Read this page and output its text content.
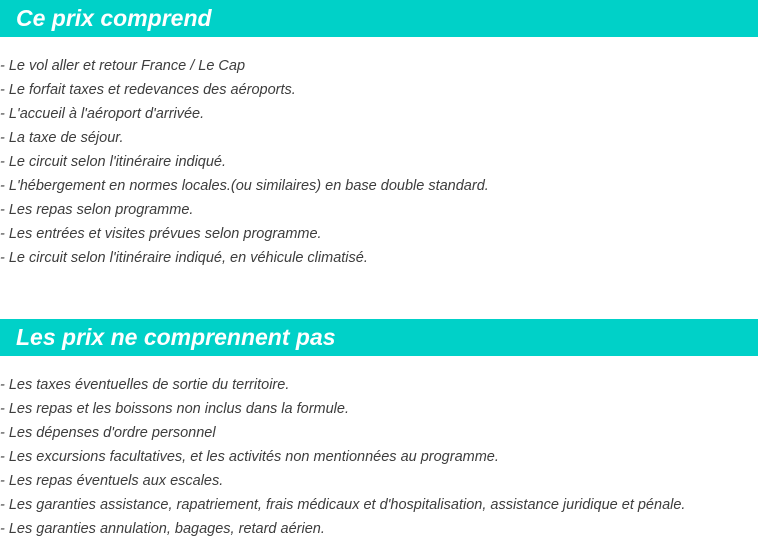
Ce prix comprend
- Le vol aller et retour France / Le Cap
- Le forfait taxes et redevances des aéroports.
- L'accueil à l'aéroport d'arrivée.
- La taxe de séjour.
- Le circuit selon l'itinéraire indiqué.
- L'hébergement en normes locales.(ou similaires) en base double standard.
- Les repas selon programme.
- Les entrées et visites prévues selon programme.
- Le circuit selon l'itinéraire indiqué, en véhicule climatisé.
Les prix ne comprennent pas
- Les taxes éventuelles de sortie du territoire.
- Les repas et les boissons non inclus dans la formule.
- Les dépenses d'ordre personnel
- Les excursions facultatives, et les activités non mentionnées au programme.
- Les repas éventuels aux escales.
- Les garanties assistance, rapatriement, frais médicaux et d'hospitalisation, assistance juridique et pénale.
- Les garanties annulation, bagages, retard aérien.
